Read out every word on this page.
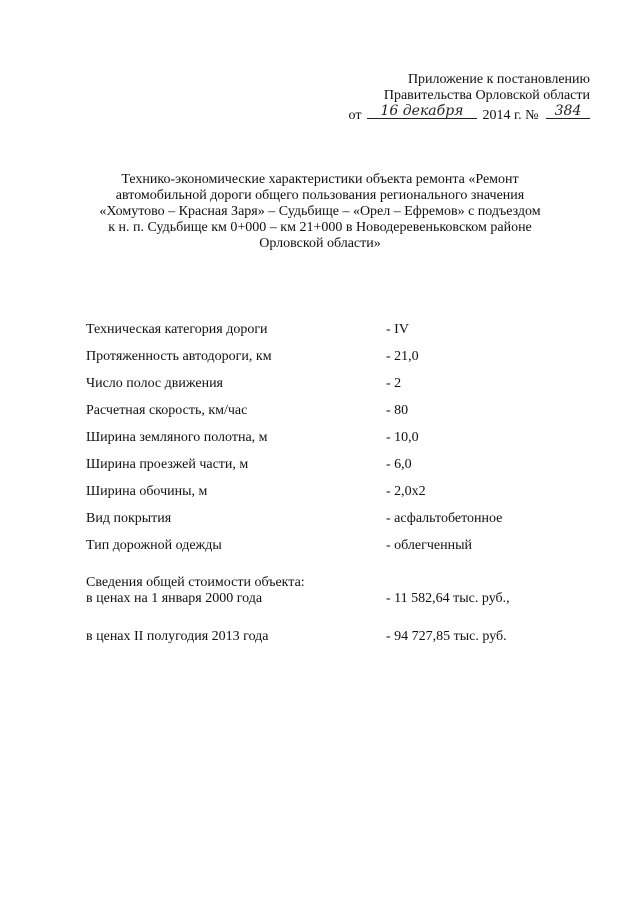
Приложение к постановлению
Правительства Орловской области
от	16 декабря	2014 г. №	384
Технико-экономические характеристики объекта ремонта «Ремонт
автомобильной дороги общего пользования регионального значения
«Хомутово – Красная Заря» – Судьбище – «Орел – Ефремов» с подъездом
к н. п. Судьбище км 0+000 – км 21+000 в Новодеревеньковском районе
Орловской области»
Техническая категория дороги	- IV
Протяженность автодороги, км	- 21,0
Число полос движения	- 2
Расчетная скорость, км/час	- 80
Ширина земляного полотна, м	- 10,0
Ширина проезжей части, м	- 6,0
Ширина обочины, м	- 2,0х2
Вид покрытия	- асфальтобетонное
Тип дорожной одежды	- облегченный
Сведения общей стоимости объекта:
в ценах на 1 января 2000 года	- 11 582,64 тыс. руб.,
в ценах II полугодия 2013 года	- 94 727,85 тыс. руб.
